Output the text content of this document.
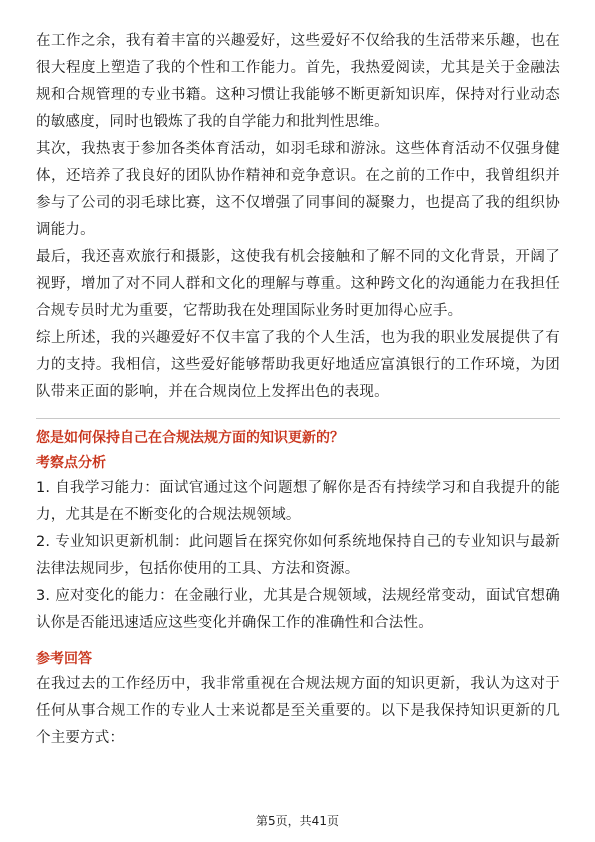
在工作之余，我有着丰富的兴趣爱好，这些爱好不仅给我的生活带来乐趣，也在很大程度上塑造了我的个性和工作能力。首先，我热爱阅读，尤其是关于金融法规和合规管理的专业书籍。这种习惯让我能够不断更新知识库，保持对行业动态的敏感度，同时也锻炼了我的自学能力和批判性思维。

其次，我热衷于参加各类体育活动，如羽毛球和游泳。这些体育活动不仅强身健体，还培养了我良好的团队协作精神和竞争意识。在之前的工作中，我曾组织并参与了公司的羽毛球比赛，这不仅增强了同事间的凝聚力，也提高了我的组织协调能力。

最后，我还喜欢旅行和摄影，这使我有机会接触和了解不同的文化背景，开阔了视野，增加了对不同人群和文化的理解与尊重。这种跨文化的沟通能力在我担任合规专员时尤为重要，它帮助我在处理国际业务时更加得心应手。

综上所述，我的兴趣爱好不仅丰富了我的个人生活，也为我的职业发展提供了有力的支持。我相信，这些爱好能够帮助我更好地适应富滇银行的工作环境，为团队带来正面的影响，并在合规岗位上发挥出色的表现。

您是如何保持自己在合规法规方面的知识更新的？

考察点分析

1. 自我学习能力：面试官通过这个问题想了解你是否有持续学习和自我提升的能力，尤其是在不断变化的合规法规领域。

2. 专业知识更新机制：此问题旨在探究你如何系统地保持自己的专业知识与最新法律法规同步，包括你使用的工具、方法和资源。

3. 应对变化的能力：在金融行业，尤其是合规领域，法规经常变动，面试官想确认你是否能迅速适应这些变化并确保工作的准确性和合法性。

参考回答

在我过去的工作经历中，我非常重视在合规法规方面的知识更新，我认为这对于任何从事合规工作的专业人士来说都是至关重要的。以下是我保持知识更新的几个主要方式：

第5页，共41页
